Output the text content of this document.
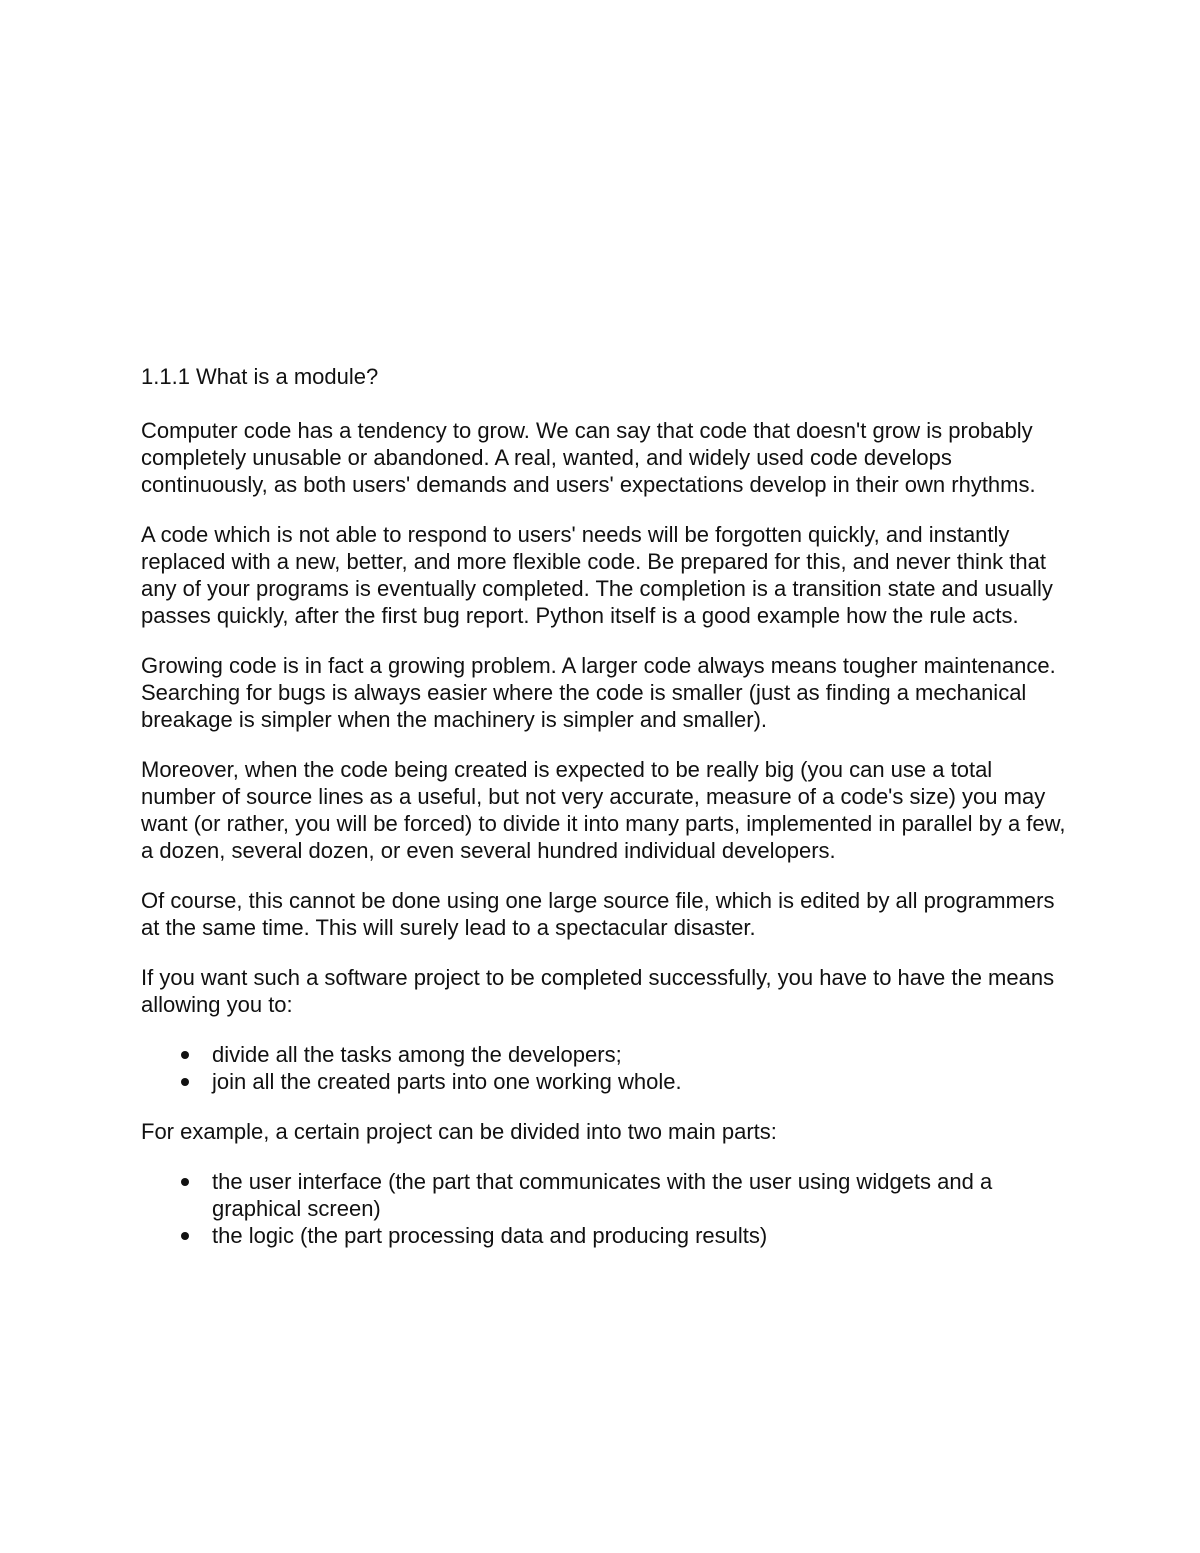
1.1.1 What is a module?

Computer code has a tendency to grow. We can say that code that doesn't grow is probably completely unusable or abandoned. A real, wanted, and widely used code develops continuously, as both users' demands and users' expectations develop in their own rhythms.

A code which is not able to respond to users' needs will be forgotten quickly, and instantly replaced with a new, better, and more flexible code. Be prepared for this, and never think that any of your programs is eventually completed. The completion is a transition state and usually passes quickly, after the first bug report. Python itself is a good example how the rule acts.

Growing code is in fact a growing problem. A larger code always means tougher maintenance. Searching for bugs is always easier where the code is smaller (just as finding a mechanical breakage is simpler when the machinery is simpler and smaller).

Moreover, when the code being created is expected to be really big (you can use a total number of source lines as a useful, but not very accurate, measure of a code's size) you may want (or rather, you will be forced) to divide it into many parts, implemented in parallel by a few, a dozen, several dozen, or even several hundred individual developers.

Of course, this cannot be done using one large source file, which is edited by all programmers at the same time. This will surely lead to a spectacular disaster.

If you want such a software project to be completed successfully, you have to have the means allowing you to:

divide all the tasks among the developers;
join all the created parts into one working whole.

For example, a certain project can be divided into two main parts:

the user interface (the part that communicates with the user using widgets and a graphical screen)
the logic (the part processing data and producing results)
